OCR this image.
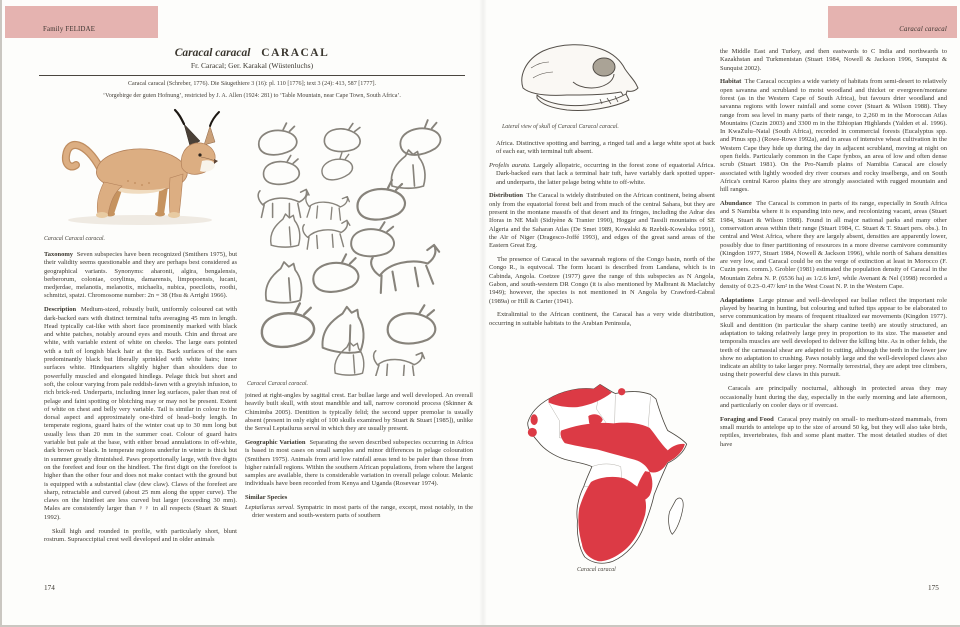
Family FELIDAE
Caracal caracal CARACAL
Fr. Caracal; Ger. Karakal (Wüstenluchs)
Caracal caracal (Schreber, 1776). Die Säugethiere 3 (16): pl. 110 [1776]; text 3 (24): 413, 587 [1777].
‘Vorgebirge der guten Hofnung’, restricted by J. A. Allen (1924: 281) to ‘Table Mountain, near Cape Town, South Africa’.
Caracal Caracal caracal.

Taxonomy Seven subspecies have been recognized (Smithers 1975), but their validity seems questionable and they are perhaps best considered as geographical variants. Synonyms: aharonii, algira, bengalensis, berberorum, coloniae, corylinus, damarensis, limpopoensis, lucani, medjerdae, melanotis, melanotix, michaelis, nubica, poecilotis, roothi, schmitzi, spatzi. Chromosome number: 2n = 38 (Hsu & Arrighi 1966).

Description Medium-sized, robustly built, uniformly coloured cat with dark-backed ears with distinct terminal tufts averaging 45 mm in length. Head typically cat-like with short face prominently marked with black and white patches, notably around eyes and mouth. Chin and throat are white, with variable extent of white on cheeks. The large ears pointed with a tuft of longish black hair at the tip. Back surfaces of the ears predominantly black but liberally sprinkled with white hairs; inner surfaces white. Hindquarters slightly higher than shoulders due to powerfully muscled and elongated hindlegs. Pelage thick but short and soft, the colour varying from pale reddish-fawn with a greyish infusion, to rich brick-red. Underparts, including inner leg surfaces, paler than rest of pelage and faint spotting or blotching may or may not be present. Extent of white on chest and belly very variable. Tail is similar in colour to the dorsal aspect and approximately one-third of head–body length. In temperate regions, guard hairs of the winter coat up to 30 mm long but usually less than 20 mm in the summer coat. Colour of guard hairs variable but pale at the base, with either broad annulations in off-white, dark brown or black. In temperate regions underfur in winter is thick but in summer greatly diminished. Paws proportionally large, with five digits on the forefeet and four on the hindfeet. The first digit on the forefoot is higher than the other four and does not make contact with the ground but is equipped with a substantial claw (dew claw). Claws of the forefeet are sharp, retractable and curved (about 25 mm along the upper curve). The claws on the hindfeet are less curved but larger (exceeding 30 mm). Males are consistently larger than ♀♀ in all respects (Stuart & Stuart 1992).

Skull high and rounded in profile, with particularly short, blunt rostrum. Supraoccipital crest well developed and in older animals

Caracal Caracal caracal.

joined at right-angles by sagittal crest. Ear bullae large and well developed. An overall heavily built skull, with stout mandible and tall, narrow coronoid process (Skinner & Chimimba 2005). Dentition is typically felid; the second upper premolar is usually absent (present in only eight of 100 skulls examined by Stuart & Stuart [1985]), unlike the Serval Leptailurus serval in which they are usually present.

Geographic Variation Separating the seven described subspecies occurring in Africa is based in most cases on small samples and minor differences in pelage colouration (Smithers 1975). Animals from arid low rainfall areas tend to be paler than those from higher rainfall regions. Within the southern African populations, from where the largest samples are available, there is considerable variation in overall pelage colour. Melanic individuals have been recorded from Kenya and Uganda (Rosevear 1974).

Similar Species

Leptailurus serval. Sympatric in most parts of the range, except, most notably, in the drier western and south-western parts of southern

174
Caracal caracal
Lateral view of skull of Caracal Caracal caracal.

Africa. Distinctive spotting and barring, a ringed tail and a large white spot at back of each ear, with terminal tuft absent.

Profelis aurata. Largely allopatric, occurring in the forest zone of equatorial Africa. Dark-backed ears that lack a terminal hair tuft, have variably dark spotted upper- and underparts, the latter pelage being white to off-white.

Distribution The Caracal is widely distributed on the African continent, being absent only from the equatorial forest belt and from much of the central Sahara, but they are present in the montane massifs of that desert and its fringes, including the Adrar des Iforas in NE Mali (Sidiyène & Tranier 1990), Hoggar and Tassili mountains of SE Algeria and the Saharan Atlas (De Smet 1989, Kowalski & Rzebik-Kowalska 1991), the Aïr of Niger (Dragesco-Joffé 1993), and edges of the great sand areas of the Eastern Great Erg.

The presence of Caracal in the savannah regions of the Congo basin, north of the Congo R., is equivocal. The form lucani is described from Landana, which is in Cabinda, Angola. Coetzee (1977) gave the range of this subspecies as N Angola, Gabon, and south-western DR Congo (it is also mentioned by Malbrant & Maclatchy 1949); however, the species is not mentioned in N Angola by Crawford-Cabral (1989a) or Hill & Carter (1941).

Extralimital to the African continent, the Caracal has a very wide distribution, occurring in suitable habitats to the Arabian Peninsula,

Caracal caracal

the Middle East and Turkey, and then eastwards to C India and northwards to Kazakhstan and Turkmenistan (Stuart 1984, Nowell & Jackson 1996, Sunquist & Sunquist 2002).

Habitat The Caracal occupies a wide variety of habitats from semi-desert to relatively open savanna and scrubland to moist woodland and thicket or evergreen/montane forest (as in the Western Cape of South Africa), but favours drier woodland and savanna regions with lower rainfall and some cover (Stuart & Wilson 1988). They range from sea level in many parts of their range, to 2,260 m in the Moroccan Atlas Mountains (Cuzin 2003) and 3300 m in the Ethiopian Highlands (Yalden et al. 1996). In KwaZulu–Natal (South Africa), recorded in commercial forests (Eucalyptus spp. and Pinus spp.) (Rowe-Rowe 1992a), and in areas of intensive wheat cultivation in the Western Cape they hide up during the day in adjacent scrubland, moving at night on open fields. Particularly common in the Cape fynbos, an area of low and often dense scrub (Stuart 1981). On the Pro-Namib plains of Namibia Caracal are closely associated with lightly wooded dry river courses and rocky inselbergs, and on South Africa's central Karoo plains they are strongly associated with rugged mountain and hill ranges.

Abundance The Caracal is common in parts of its range, especially in South Africa and S Namibia where it is expanding into new, and recolonizing vacant, areas (Stuart 1984, Stuart & Wilson 1988). Found in all major national parks and many other conservation areas within their range (Stuart 1984, C. Stuart & T. Stuart pers. obs.). In central and West Africa, where they are largely absent, densities are apparently lower, possibly due to finer partitioning of resources in a more diverse carnivore community (Kingdon 1977, Stuart 1984, Nowell & Jackson 1996), while north of Sahara densities are very low, and Caracal could be on the verge of extinction at least in Morocco (F. Cuzin pers. comm.). Grobler (1981) estimated the population density of Caracal in the Mountain Zebra N. P. (6536 ha) as 1/2.6 km², while Avenant & Nel (1998) recorded a density of 0.23–0.47/ km² in the West Coast N. P. in the Western Cape.

Adaptations Large pinnae and well-developed ear bullae reflect the important role played by hearing in hunting, but colouring and tufted tips appear to be elaborated to serve communication by means of frequent ritualized ear movements (Kingdon 1977). Skull and dentition (in particular the sharp canine teeth) are stoutly structured, an adaptation to taking relatively large prey in proportion to its size. The masseter and temporalis muscles are well developed to deliver the killing bite. As in other felids, the teeth of the carnassial shear are adapted to cutting, although the teeth in the lower jaw show no adaptation to crushing. Paws notably large and the well-developed claws also indicate an ability to take larger prey. Normally terrestrial, they are adept tree climbers, using their powerful dew claws in this pursuit.

Caracals are principally nocturnal, although in protected areas they may occasionally hunt during the day, especially in the early morning and late afternoon, and particularly on cooler days or if overcast.

Foraging and Food Caracal prey mainly on small- to medium-sized mammals, from small murids to antelope up to the size of around 50 kg, but they will also take birds, reptiles, invertebrates, fish and some plant matter. The most detailed studies of diet have

175
